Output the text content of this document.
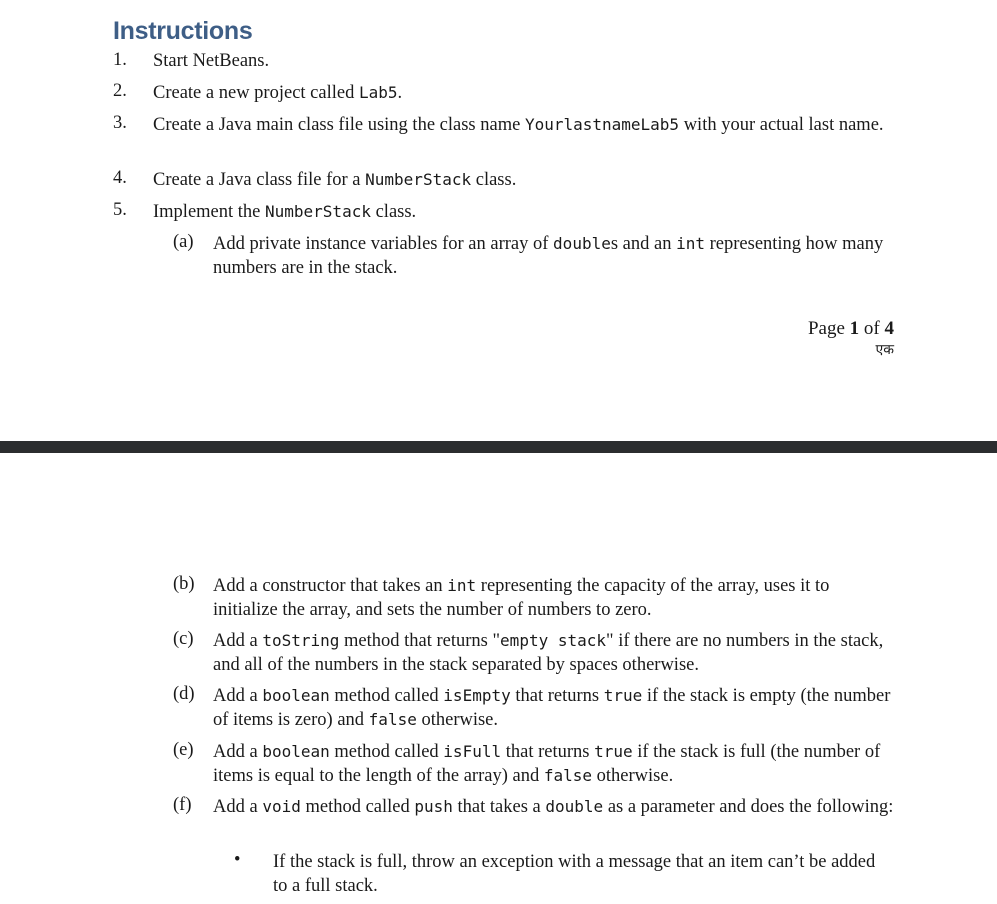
Instructions
1. Start NetBeans.
2. Create a new project called Lab5.
3. Create a Java main class file using the class name YourlastnameLab5 with your actual last name.
4. Create a Java class file for a NumberStack class.
5. Implement the NumberStack class.
(a) Add private instance variables for an array of doubles and an int representing how many numbers are in the stack.
Page 1 of 4
एक
(b) Add a constructor that takes an int representing the capacity of the array, uses it to initialize the array, and sets the number of numbers to zero.
(c) Add a toString method that returns "empty stack" if there are no numbers in the stack, and all of the numbers in the stack separated by spaces otherwise.
(d) Add a boolean method called isEmpty that returns true if the stack is empty (the number of items is zero) and false otherwise.
(e) Add a boolean method called isFull that returns true if the stack is full (the number of items is equal to the length of the array) and false otherwise.
(f) Add a void method called push that takes a double as a parameter and does the following:
• If the stack is full, throw an exception with a message that an item can’t be added to a full stack.
